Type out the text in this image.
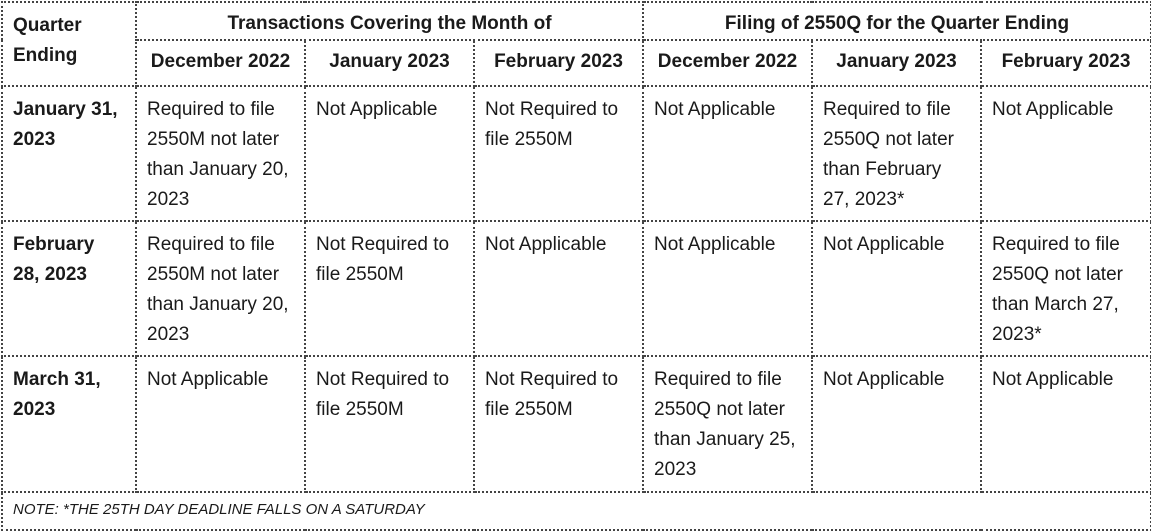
Quarter Ending	Transactions Covering the Month of			Filing of 2550Q for the Quarter Ending		
	December 2022	January 2023	February 2023	December 2022	January 2023	February 2023
January 31, 2023	Required to file 2550M not later than January 20, 2023	Not Applicable	Not Required to file 2550M	Not Applicable	Required to file 2550Q not later than February 27, 2023*	Not Applicable
February 28, 2023	Required to file 2550M not later than January 20, 2023	Not Required to file 2550M	Not Applicable	Not Applicable	Not Applicable	Required to file 2550Q not later than March 27, 2023*
March 31, 2023	Not Applicable	Not Required to file 2550M	Not Required to file 2550M	Required to file 2550Q not later than January 25, 2023	Not Applicable	Not Applicable
NOTE: *THE 25TH DAY DEADLINE FALLS ON A SATURDAY						
